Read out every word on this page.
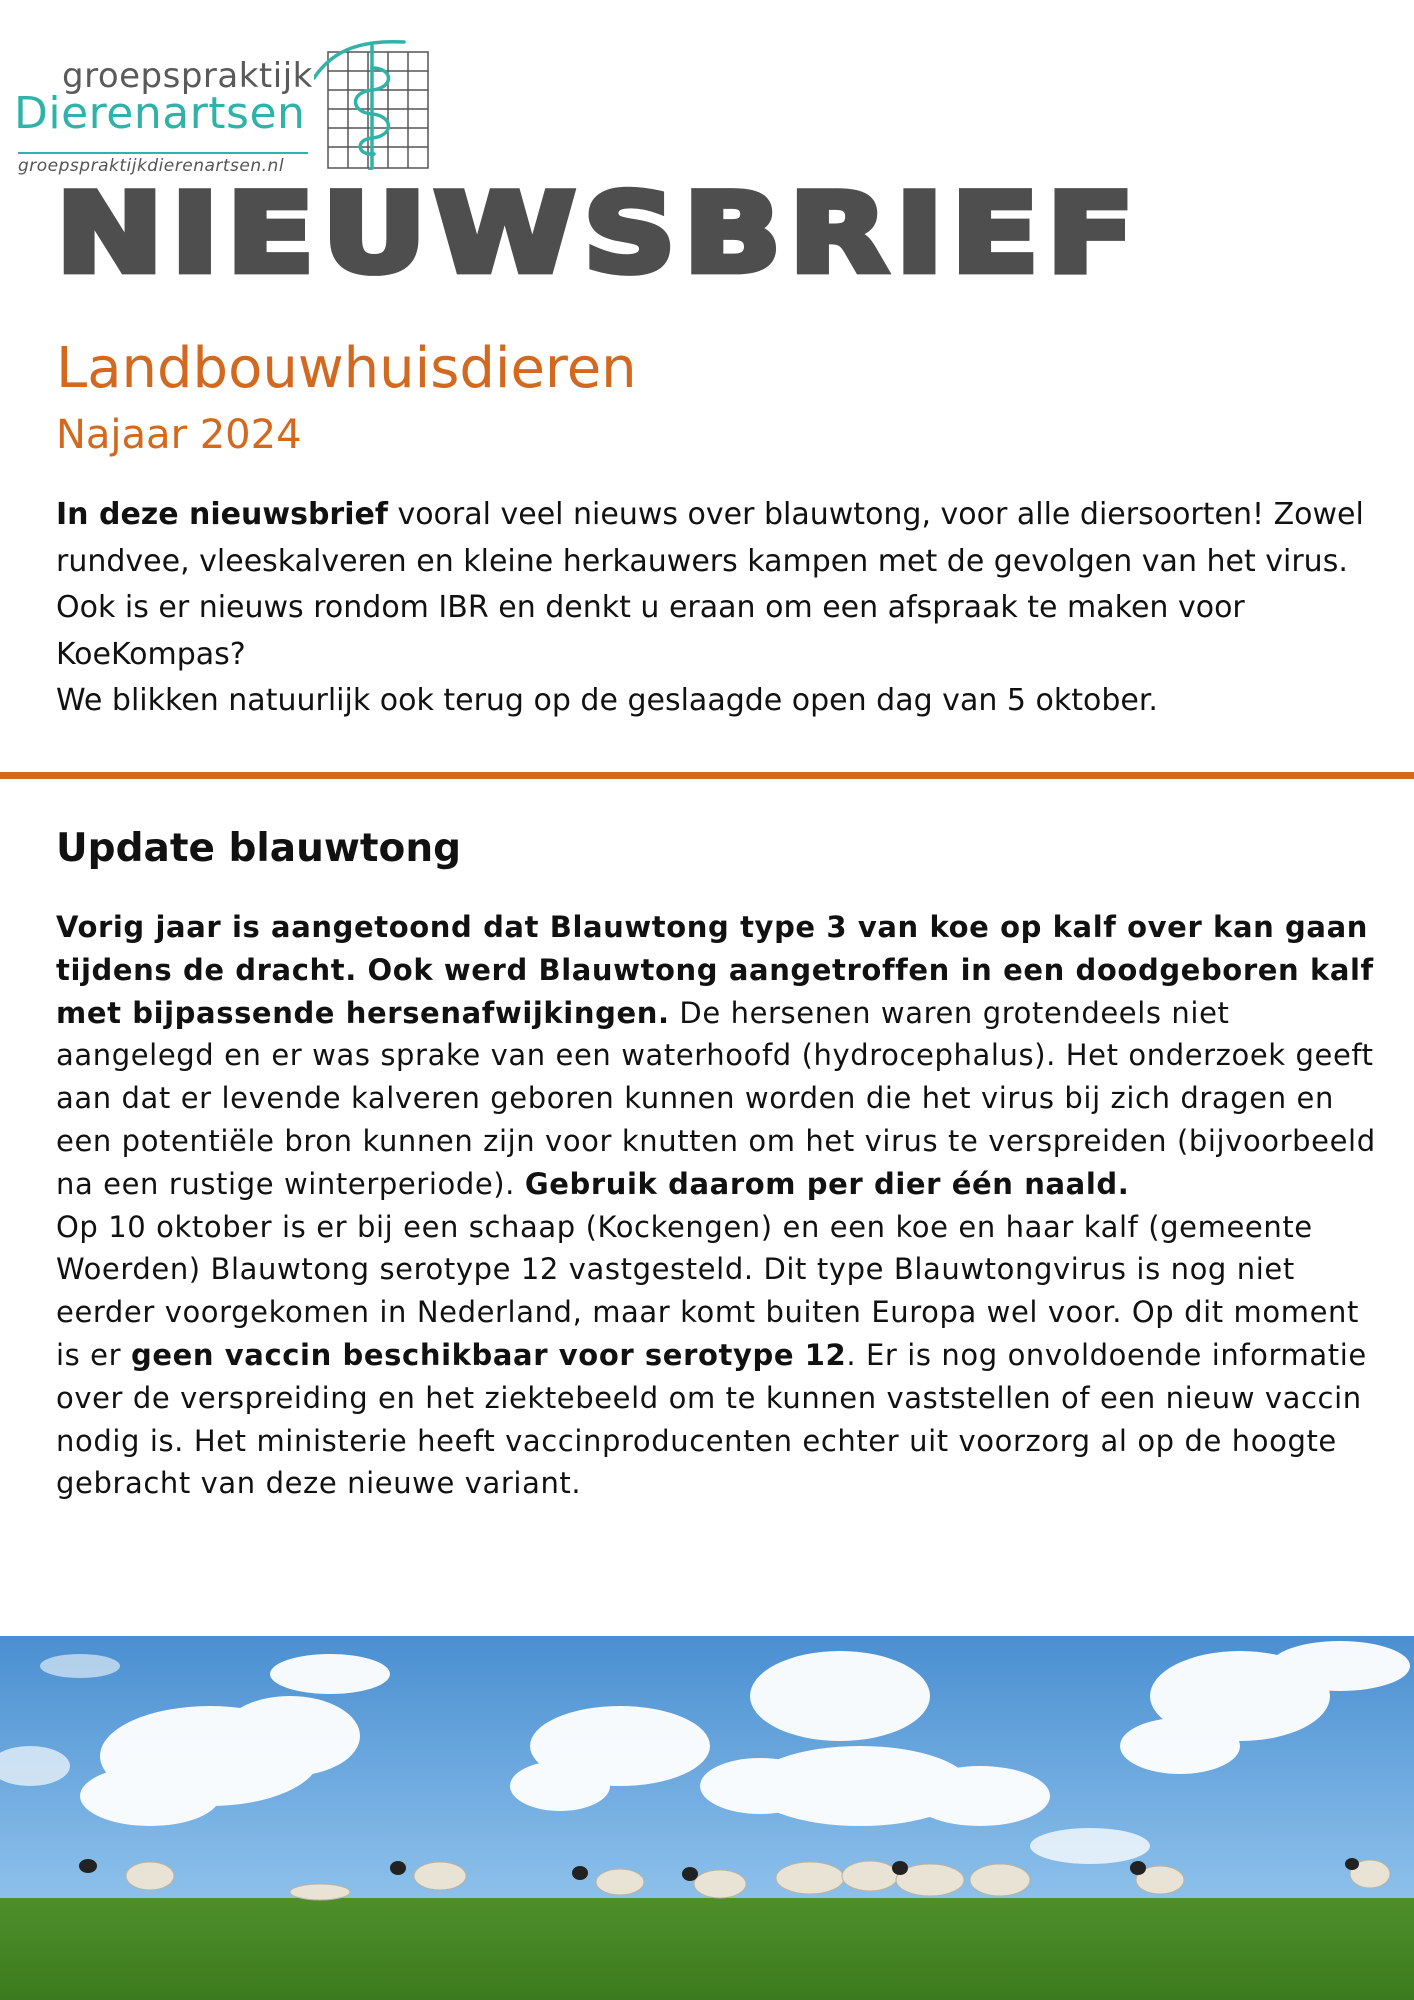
groepspraktijk
Dierenartsen
groepspraktijkdierenartsen.nl
NIEUWSBRIEF
Landbouwhuisdieren
Najaar 2024
In deze nieuwsbrief vooral veel nieuws over blauwtong, voor alle diersoorten! Zowel rundvee, vleeskalveren en kleine herkauwers kampen met de gevolgen van het virus. Ook is er nieuws rondom IBR en denkt u eraan om een afspraak te maken voor KoeKompas?
We blikken natuurlijk ook terug op de geslaagde open dag van 5 oktober.
Update blauwtong

Vorig jaar is aangetoond dat Blauwtong type 3 van koe op kalf over kan gaan tijdens de dracht. Ook werd Blauwtong aangetroffen in een doodgeboren kalf met bijpassende hersenafwijkingen. De hersenen waren grotendeels niet aangelegd en er was sprake van een waterhoofd (hydrocephalus). Het onderzoek geeft aan dat er levende kalveren geboren kunnen worden die het virus bij zich dragen en een potentiële bron kunnen zijn voor knutten om het virus te verspreiden (bijvoorbeeld na een rustige winterperiode). Gebruik daarom per dier één naald.

Op 10 oktober is er bij een schaap (Kockengen) en een koe en haar kalf (gemeente Woerden) Blauwtong serotype 12 vastgesteld. Dit type Blauwtongvirus is nog niet eerder voorgekomen in Nederland, maar komt buiten Europa wel voor. Op dit moment is er geen vaccin beschikbaar voor serotype 12. Er is nog onvoldoende informatie over de verspreiding en het ziektebeeld om te kunnen vaststellen of een nieuw vaccin nodig is. Het ministerie heeft vaccinproducenten echter uit voorzorg al op de hoogte gebracht van deze nieuwe variant.
